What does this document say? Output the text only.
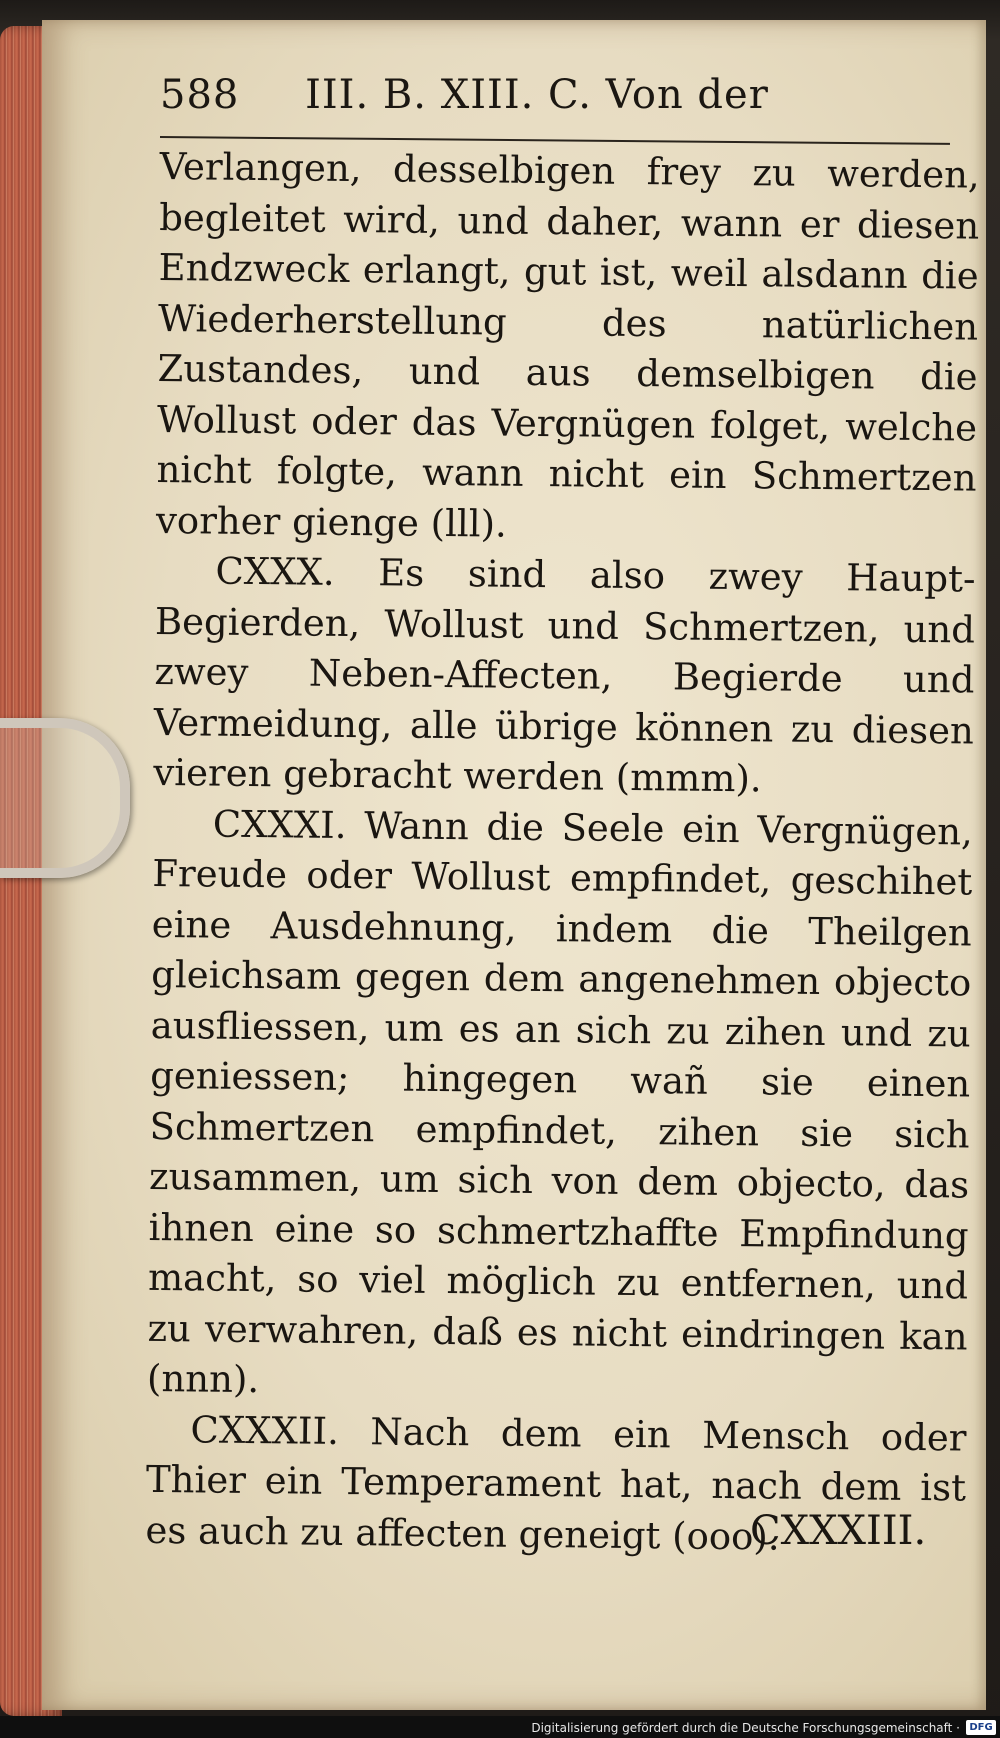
588 III. B. XIII. C. Von der

Verlangen, desselbigen frey zu werden, begleitet wird, und daher, wann er diesen Endzweck erlangt, gut ist, weil alsdann die Wiederherstellung des natürlichen Zustandes, und aus demselbigen die Wollust oder das Vergnügen folget, welche nicht folgte, wann nicht ein Schmertzen vorher gienge (lll).

CXXX. Es sind also zwey Haupt-Begierden, Wollust und Schmertzen, und zwey Neben-Affecten, Begierde und Vermeidung, alle übrige können zu diesen vieren gebracht werden (mmm).

CXXXI. Wann die Seele ein Vergnügen, Freude oder Wollust empfindet, geschihet eine Ausdehnung, indem die Theilgen gleichsam gegen dem angenehmen objecto ausfliessen, um es an sich zu zihen und zu geniessen; hingegen wañ sie einen Schmertzen empfindet, zihen sie sich zusammen, um sich von dem objecto, das ihnen eine so schmertzhaffte Empfindung macht, so viel möglich zu entfernen, und zu verwahren, daß es nicht eindringen kan (nnn).

CXXXII. Nach dem ein Mensch oder Thier ein Temperament hat, nach dem ist es auch zu affecten geneigt (ooo).

CXXXIII.
Digitalisierung gefördert durch die Deutsche Forschungsgemeinschaft · DFG
